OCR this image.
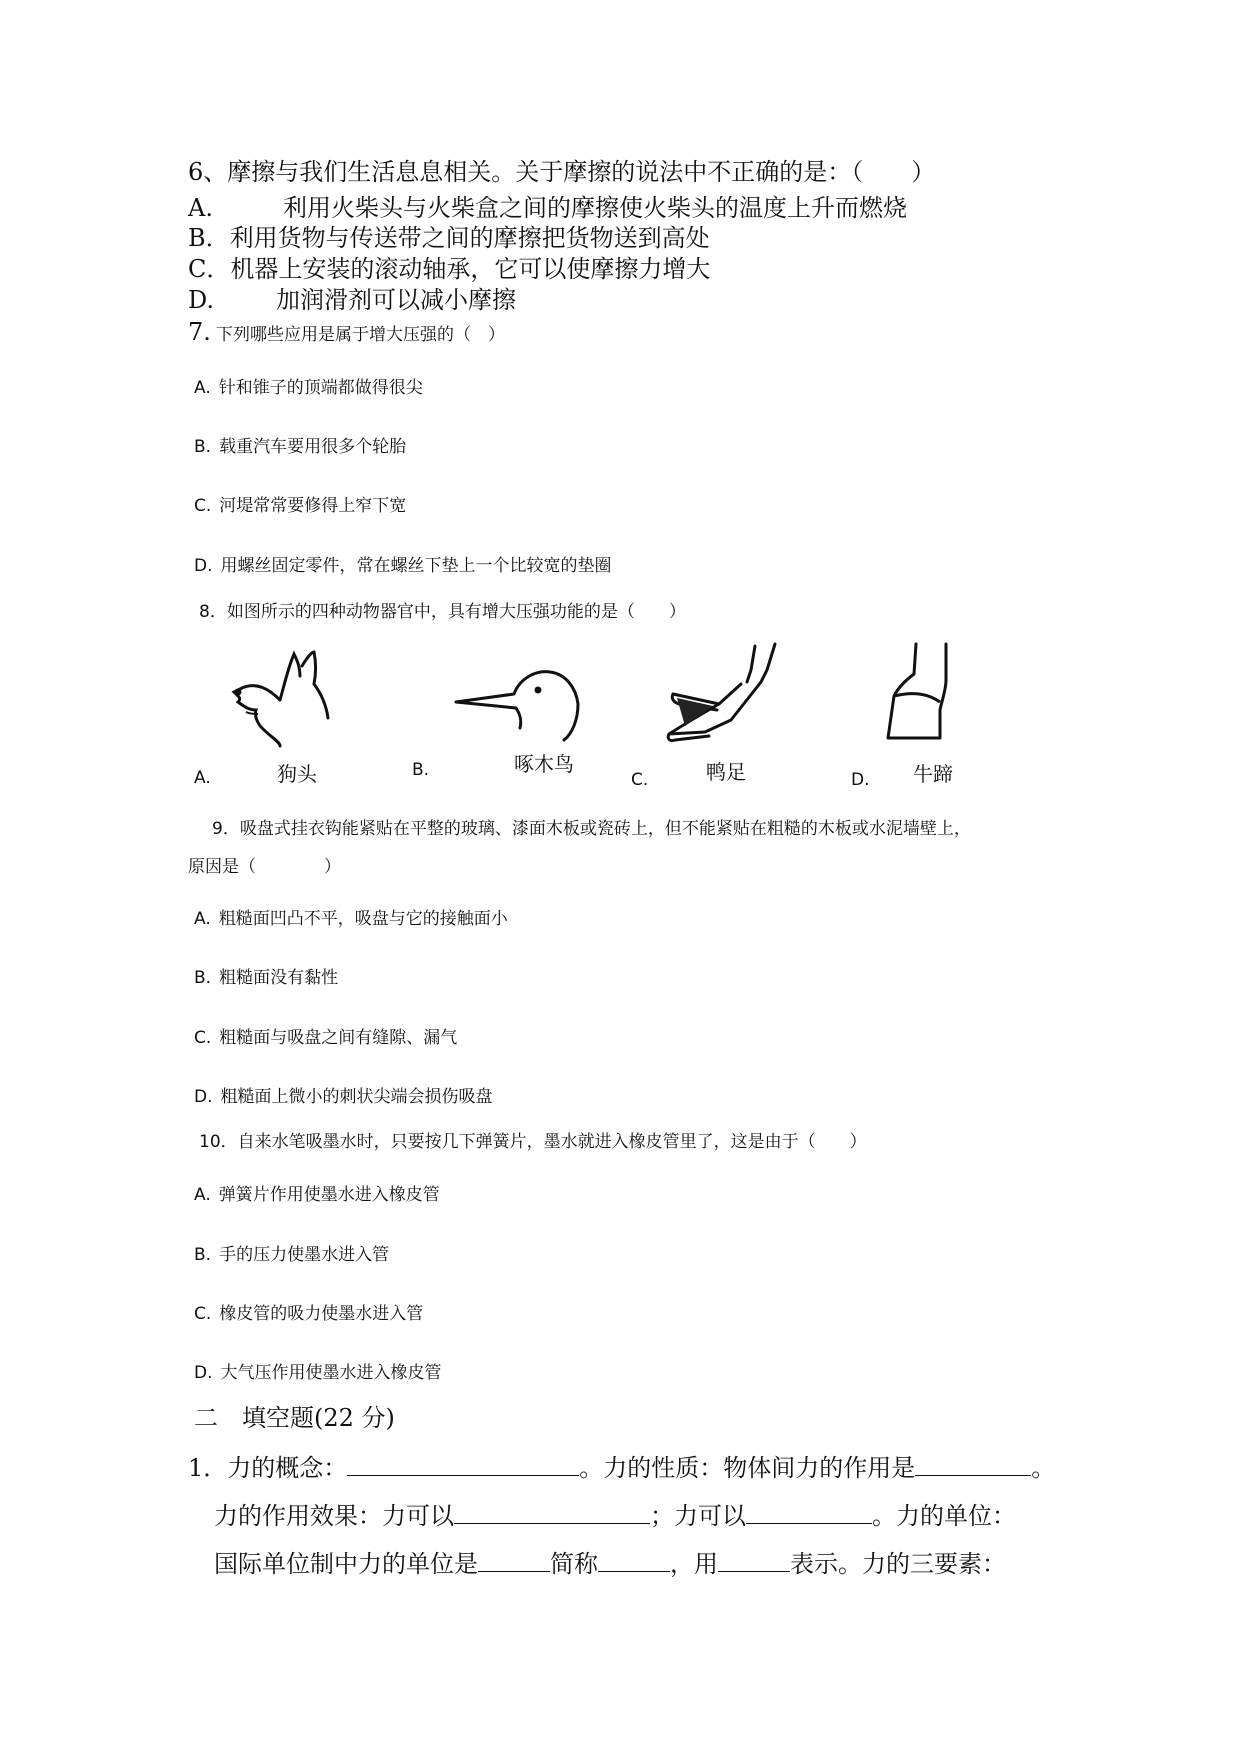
6、摩擦与我们生活息息相关。关于摩擦的说法中不正确的是：（　　）
A.	利用火柴头与火柴盒之间的摩擦使火柴头的温度上升而燃烧
B．利用货物与传送带之间的摩擦把货物送到高处
C．机器上安装的滚动轴承，它可以使摩擦力增大
D.	加润滑剂可以减小摩擦
7. 下列哪些应用是属于增大压强的（　）
A. 针和锥子的顶端都做得很尖
B. 载重汽车要用很多个轮胎
C. 河堤常常要修得上窄下宽
D. 用螺丝固定零件，常在螺丝下垫上一个比较宽的垫圈
8．如图所示的四种动物器官中，具有增大压强功能的是（　　）
A.	狗头	B.	啄木鸟
C.	鸭足	D. 牛蹄
9．吸盘式挂衣钩能紧贴在平整的玻璃、漆面木板或瓷砖上，但不能紧贴在粗糙的木板或水泥墙壁上，
原因是（　　　　）
A. 粗糙面凹凸不平，吸盘与它的接触面小
B. 粗糙面没有黏性
C. 粗糙面与吸盘之间有缝隙、漏气
D. 粗糙面上微小的刺状尖端会损伤吸盘
10．自来水笔吸墨水时，只要按几下弹簧片，墨水就进入橡皮管里了，这是由于（　　）
A. 弹簧片作用使墨水进入橡皮管
B. 手的压力使墨水进入管
C. 橡皮管的吸力使墨水进入管
D. 大气压作用使墨水进入橡皮管
二　填空题(22 分)
1．力的概念：	。力的性质：物体间力的作用是	。
力的作用效果：力可以	；力可以	。力的单位：
国际单位制中力的单位是	简称	，用	表示。力的三要素：
